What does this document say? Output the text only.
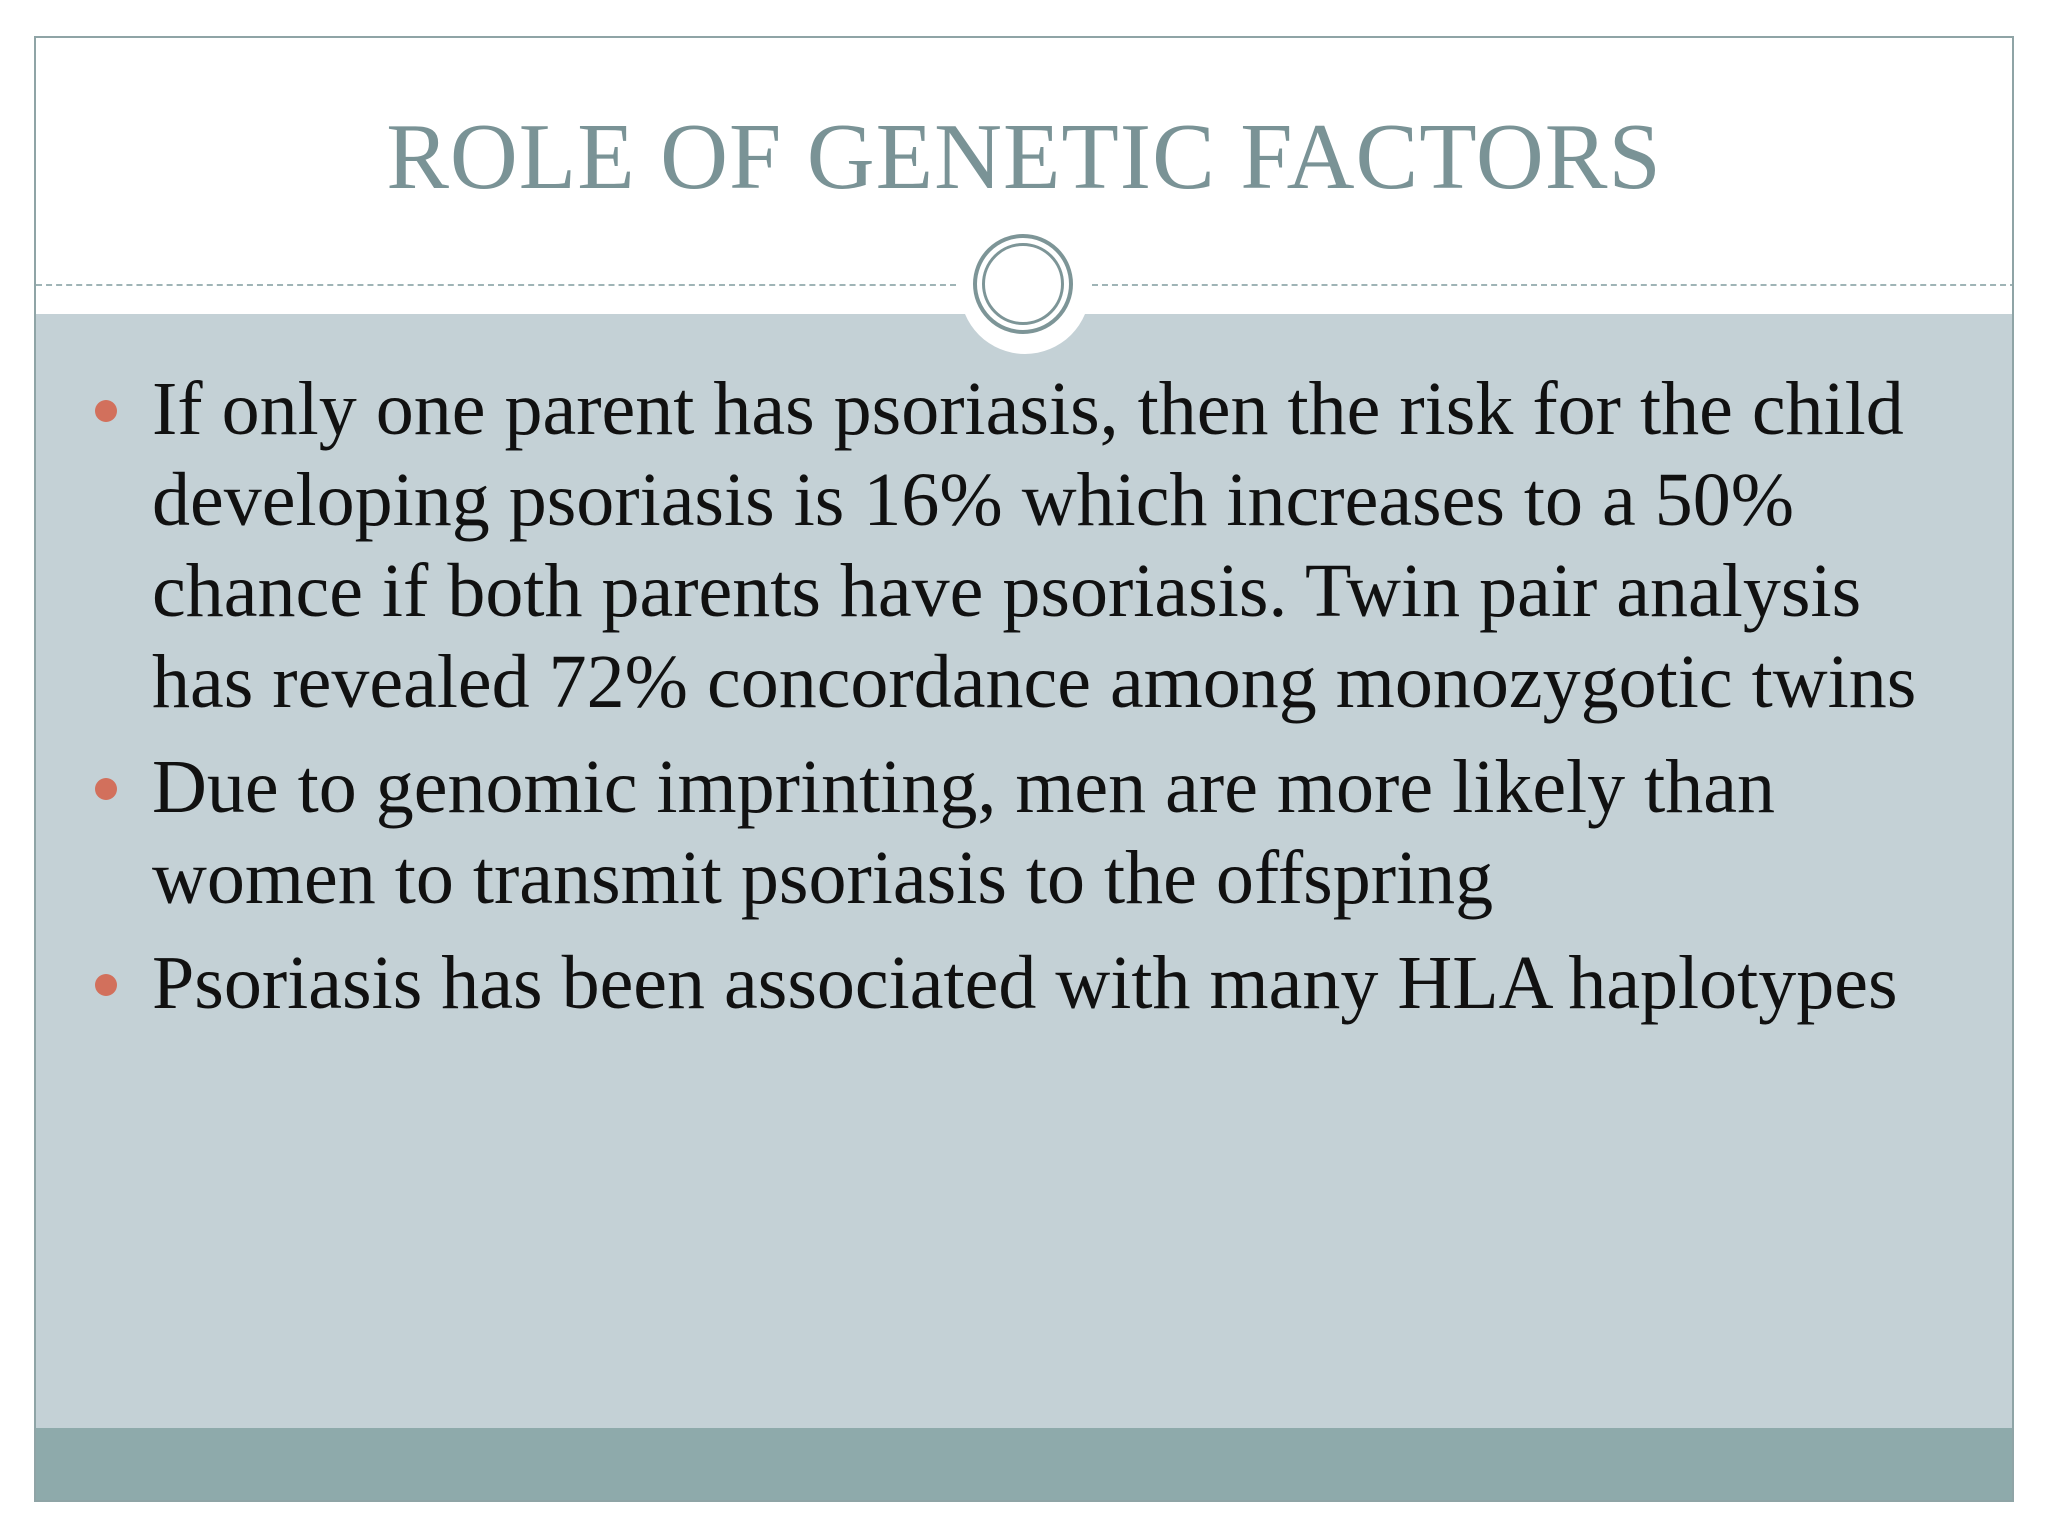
ROLE OF GENETIC FACTORS
If only one parent has psoriasis, then the risk for the child developing psoriasis is 16% which increases to a 50% chance if both parents have psoriasis. Twin pair analysis has revealed 72% concordance among monozygotic twins
Due to genomic imprinting, men are more likely than women to transmit psoriasis to the offspring
Psoriasis has been associated with many HLA haplotypes
